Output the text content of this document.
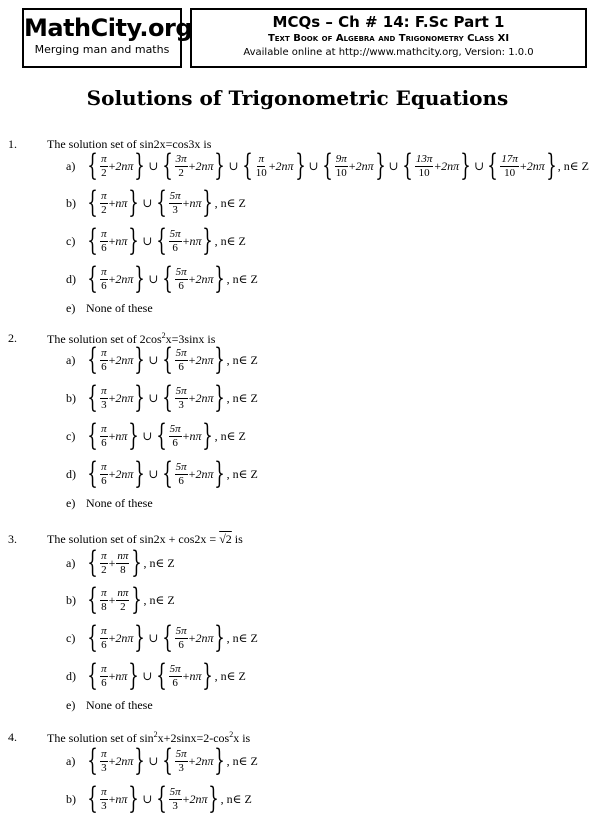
MathCity.org
Merging man and maths
MCQs – Ch # 14: F.Sc Part 1
Text Book of Algebra and Trigonometry Class XI
Available online at http://www.mathcity.org, Version: 1.0.0
Solutions of Trigonometric Equations
1.	The solution set of sin2x=cos3x is
a) { $\frac{\pi}{2} + 2n\pi$ } ∪ { $\frac{3\pi}{2} + 2n\pi$ } ∪ { $\frac{\pi}{10} + 2n\pi$ } ∪ { $\frac{9\pi}{10} + 2n\pi$ } ∪ { $\frac{13\pi}{10} + 2n\pi$ } ∪ { $\frac{17\pi}{10} + 2n\pi$ } , n∈ Z
b) { $\frac{\pi}{2} + n\pi$ } ∪ { $\frac{5\pi}{3} + n\pi$ } , n∈ Z
c) { $\frac{\pi}{6} + n\pi$ } ∪ { $\frac{5\pi}{6} + n\pi$ } , n∈ Z
d) { $\frac{\pi}{6} + 2n\pi$ } ∪ { $\frac{5\pi}{6} + 2n\pi$ } , n∈ Z
e) None of these
2.	The solution set of $2\cos^2x=3\sin x$ is
a) { $\frac{\pi}{6} + 2n\pi$ } ∪ { $\frac{5\pi}{6} + 2n\pi$ } , n∈ Z
b) { $\frac{\pi}{3} + 2n\pi$ } ∪ { $\frac{5\pi}{3} + 2n\pi$ } , n∈ Z
c) { $\frac{\pi}{6} + n\pi$ } ∪ { $\frac{5\pi}{6} + n\pi$ } , n∈ Z
d) { $\frac{\pi}{6} + 2n\pi$ } ∪ { $\frac{5\pi}{6} + 2n\pi$ } , n∈ Z
e) None of these
3.	The solution set of sin2x + cos2x = √2 is
a) { $\frac{\pi}{2} + \frac{n\pi}{8}$ } , n∈ Z
b) { $\frac{\pi}{8} + \frac{n\pi}{2}$ } , n∈ Z
c) { $\frac{\pi}{6} + 2n\pi$ } ∪ { $\frac{5\pi}{6} + 2n\pi$ } , n∈ Z
d) { $\frac{\pi}{6} + n\pi$ } ∪ { $\frac{5\pi}{6} + n\pi$ } , n∈ Z
e) None of these
4.	The solution set of $\sin^2x+2\sin x=2-\cos^2x$ is
a) { $\frac{\pi}{3} + 2n\pi$ } ∪ { $\frac{5\pi}{3} + 2n\pi$ } , n∈ Z
b) { $\frac{\pi}{3} + n\pi$ } ∪ { $\frac{5\pi}{3} + 2n\pi$ } , n∈ Z
